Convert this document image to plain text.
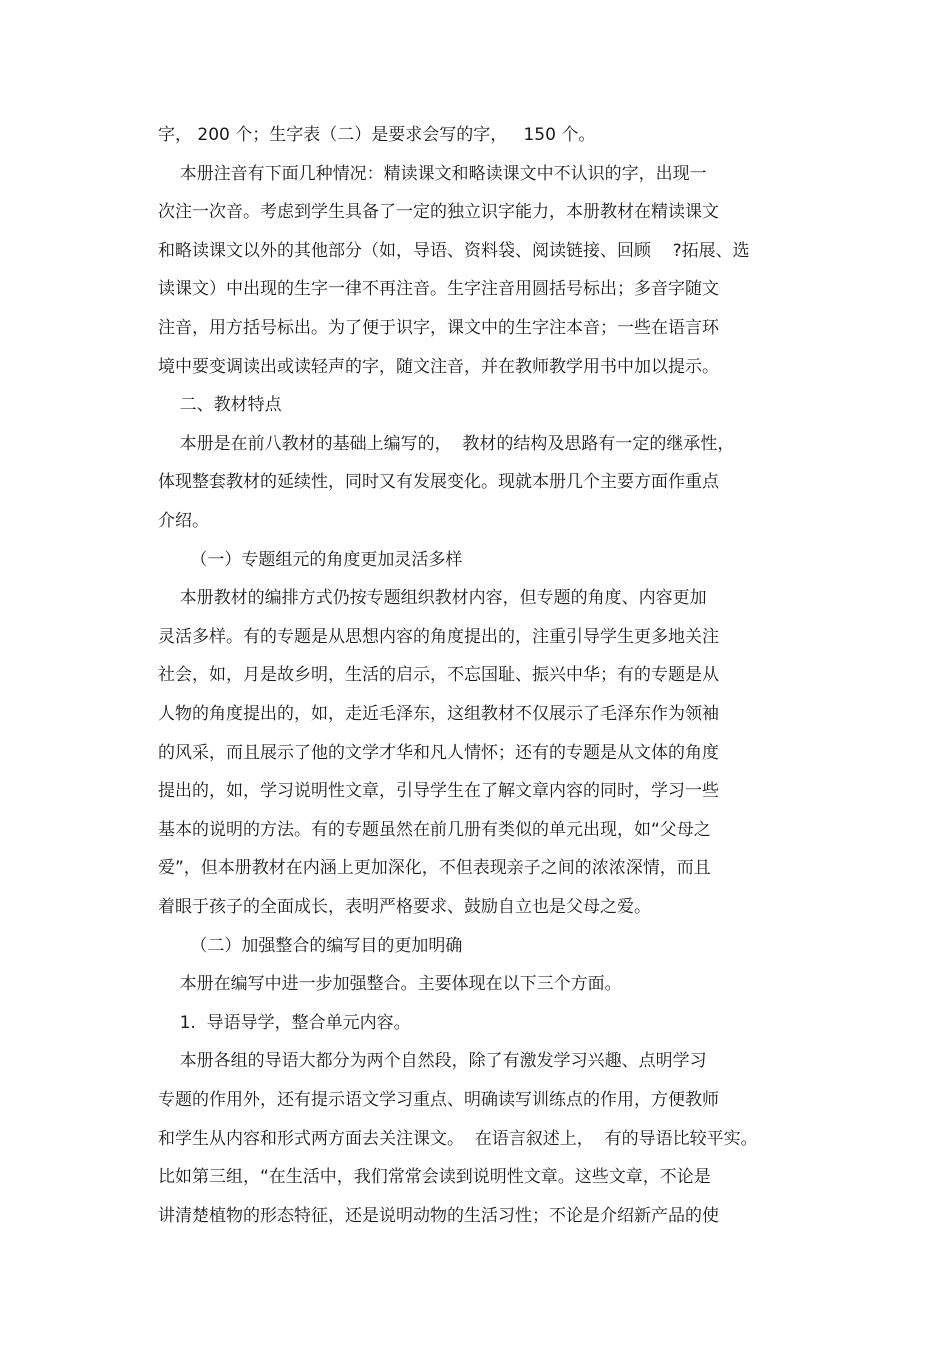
字， 200 个；生字表（二）是要求会写的字，   150 个。
本册注音有下面几种情况：精读课文和略读课文中不认识的字，出现一
次注一次音。考虑到学生具备了一定的独立识字能力，本册教材在精读课文
和略读课文以外的其他部分（如，导语、资料袋、阅读链接、回顾    ?拓展、选
读课文）中出现的生字一律不再注音。生字注音用圆括号标出；多音字随文
注音，用方括号标出。为了便于识字，课文中的生字注本音；一些在语言环
境中要变调读出或读轻声的字，随文注音，并在教师教学用书中加以提示。
二、教材特点
本册是在前八教材的基础上编写的，  教材的结构及思路有一定的继承性，
体现整套教材的延续性，同时又有发展变化。现就本册几个主要方面作重点
介绍。
（一）专题组元的角度更加灵活多样
本册教材的编排方式仍按专题组织教材内容，但专题的角度、内容更加
灵活多样。有的专题是从思想内容的角度提出的，注重引导学生更多地关注
社会，如，月是故乡明，生活的启示，不忘国耻、振兴中华；有的专题是从
人物的角度提出的，如，走近毛泽东，这组教材不仅展示了毛泽东作为领袖
的风采，而且展示了他的文学才华和凡人情怀；还有的专题是从文体的角度
提出的，如，学习说明性文章，引导学生在了解文章内容的同时，学习一些
基本的说明的方法。有的专题虽然在前几册有类似的单元出现，如“父母之
爱”，但本册教材在内涵上更加深化，不但表现亲子之间的浓浓深情，而且
着眼于孩子的全面成长，表明严格要求、鼓励自立也是父母之爱。
（二）加强整合的编写目的更加明确
本册在编写中进一步加强整合。主要体现在以下三个方面。
1.  导语导学，整合单元内容。
本册各组的导语大都分为两个自然段，除了有激发学习兴趣、点明学习
专题的作用外，还有提示语文学习重点、明确读写训练点的作用，方便教师
和学生从内容和形式两方面去关注课文。  在语言叙述上，  有的导语比较平实。
比如第三组，“在生活中，我们常常会读到说明性文章。这些文章，不论是
讲清楚植物的形态特征，还是说明动物的生活习性；不论是介绍新产品的使
